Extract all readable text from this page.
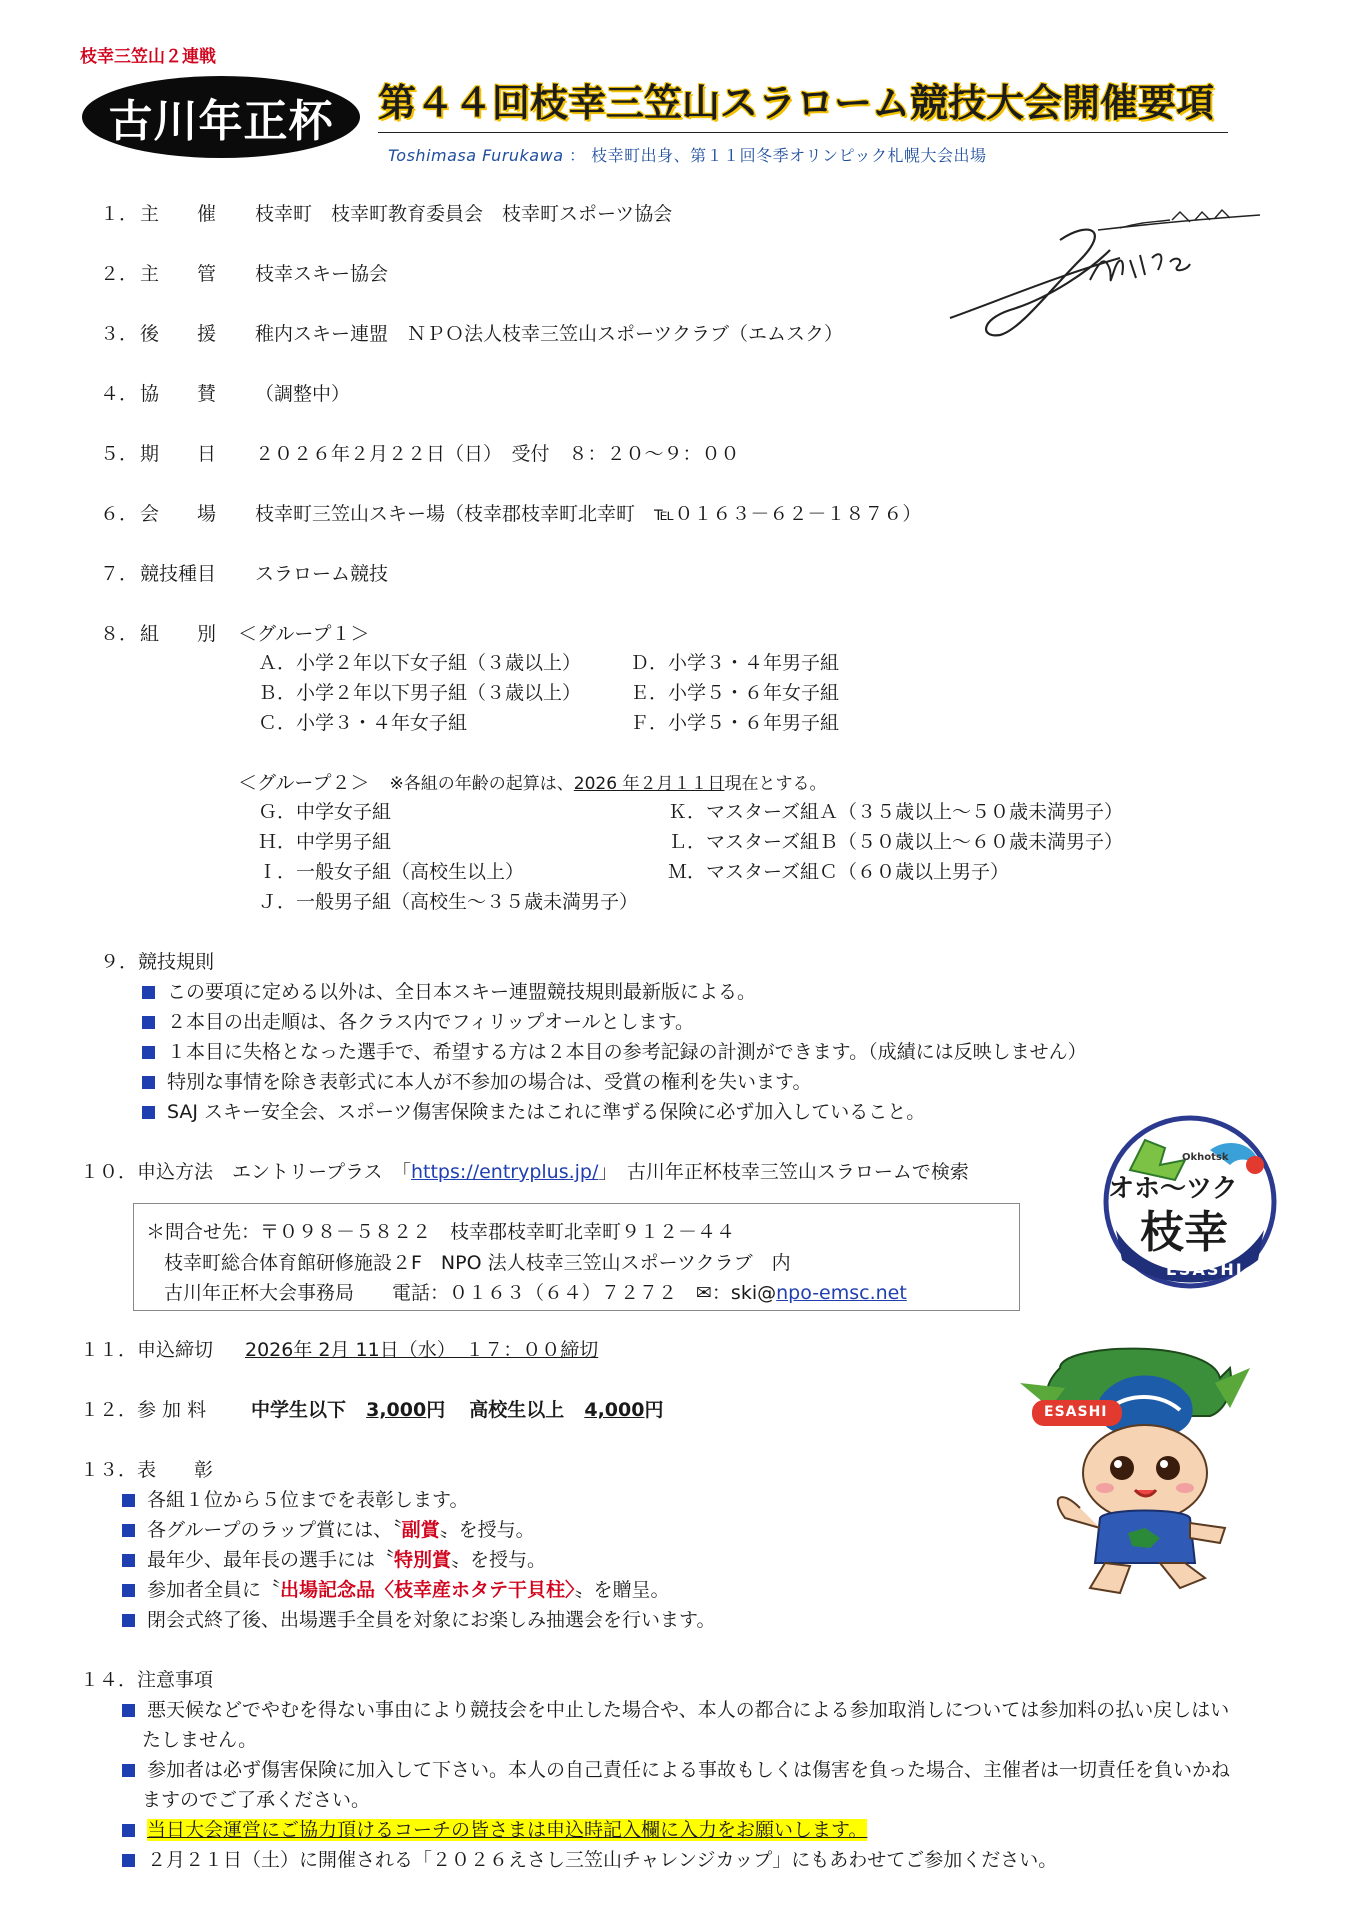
枝幸三笠山２連戦
古川年正杯	第４４回枝幸三笠山スラローム競技大会開催要項
Toshimasa Furukawa ： 枝幸町出身、第１１回冬季オリンピック札幌大会出場
１． 主　　催 枝幸町　枝幸町教育委員会　枝幸町スポーツ協会
２． 主　　管 枝幸スキー協会
３． 後　　援 稚内スキー連盟　ＮＰＯ法人枝幸三笠山スポーツクラブ（エムスク）
４． 協　　賛 （調整中）
５． 期　　日 ２０２６年２月２２日（日）　受付　８：２０～９：００
６． 会　　場 枝幸町三笠山スキー場（枝幸郡枝幸町北幸町　℡０１６３－６２－１８７６）
７． 競技種目 スラローム競技
８． 組　　別 ＜グループ１＞
Ａ．小学２年以下女子組（３歳以上）
Ｂ．小学２年以下男子組（３歳以上）
Ｃ．小学３・４年女子組
Ｄ．小学３・４年男子組
Ｅ．小学５・６年女子組
Ｆ．小学５・６年男子組
＜グループ２＞ ※各組の年齢の起算は、2026 年２月１１日現在とする。
Ｇ．中学女子組
Ｈ．中学男子組
Ｉ．一般女子組（高校生以上）
Ｊ．一般男子組（高校生～３５歳未満男子）
Ｋ．マスターズ組Ａ（３５歳以上～５０歳未満男子）
Ｌ．マスターズ組Ｂ（５０歳以上～６０歳未満男子）
Ｍ．マスターズ組Ｃ（６０歳以上男子）
９．競技規則
この要項に定める以外は、全日本スキー連盟競技規則最新版による。
２本目の出走順は、各クラス内でフィリップオールとします。
１本目に失格となった選手で、希望する方は２本目の参考記録の計測ができます。（成績には反映しません）
特別な事情を除き表彰式に本人が不参加の場合は、受賞の権利を失います。
SAJ スキー安全会、スポーツ傷害保険またはこれに準ずる保険に必ず加入していること。
１０．申込方法　エントリープラス　「https://entryplus.jp/」　古川年正杯枝幸三笠山スラロームで検索
＊問合せ先：〒０９８－５８２２　枝幸郡枝幸町北幸町９１２－４４
枝幸町総合体育館研修施設２F　NPO 法人枝幸三笠山スポーツクラブ　内
古川年正杯大会事務局　　電話：０１６３（６４）７２７２　✉：ski@npo-emsc.net
１１．申込締切 2026年 2月 11日（水）　１７：００締切
１２．参 加 料 中学生以下 3,000円 高校生以上 4,000円
１３．表　　彰
各組１位から５位までを表彰します。
各グループのラップ賞には、〝副賞〟を授与。
最年少、最年長の選手には〝特別賞〟を授与。
参加者全員に〝出場記念品〈枝幸産ホタテ干貝柱〉〟を贈呈。
閉会式終了後、出場選手全員を対象にお楽しみ抽選会を行います。
１４．注意事項
悪天候などでやむを得ない事由により競技会を中止した場合や、本人の都合による参加取消しについては参加料の払い戻しはい
たしません。
参加者は必ず傷害保険に加入して下さい。本人の自己責任による事故もしくは傷害を負った場合、主催者は一切責任を負いかね
ますのでご了承ください。
当日大会運営にご協力頂けるコーチの皆さまは申込時記入欄に入力をお願いします。
２月２１日（土）に開催される「２０２６えさし三笠山チャレンジカップ」にもあわせてご参加ください。
Okhotsk
オホ～ツク
枝幸
ESASHI
ESASHI
